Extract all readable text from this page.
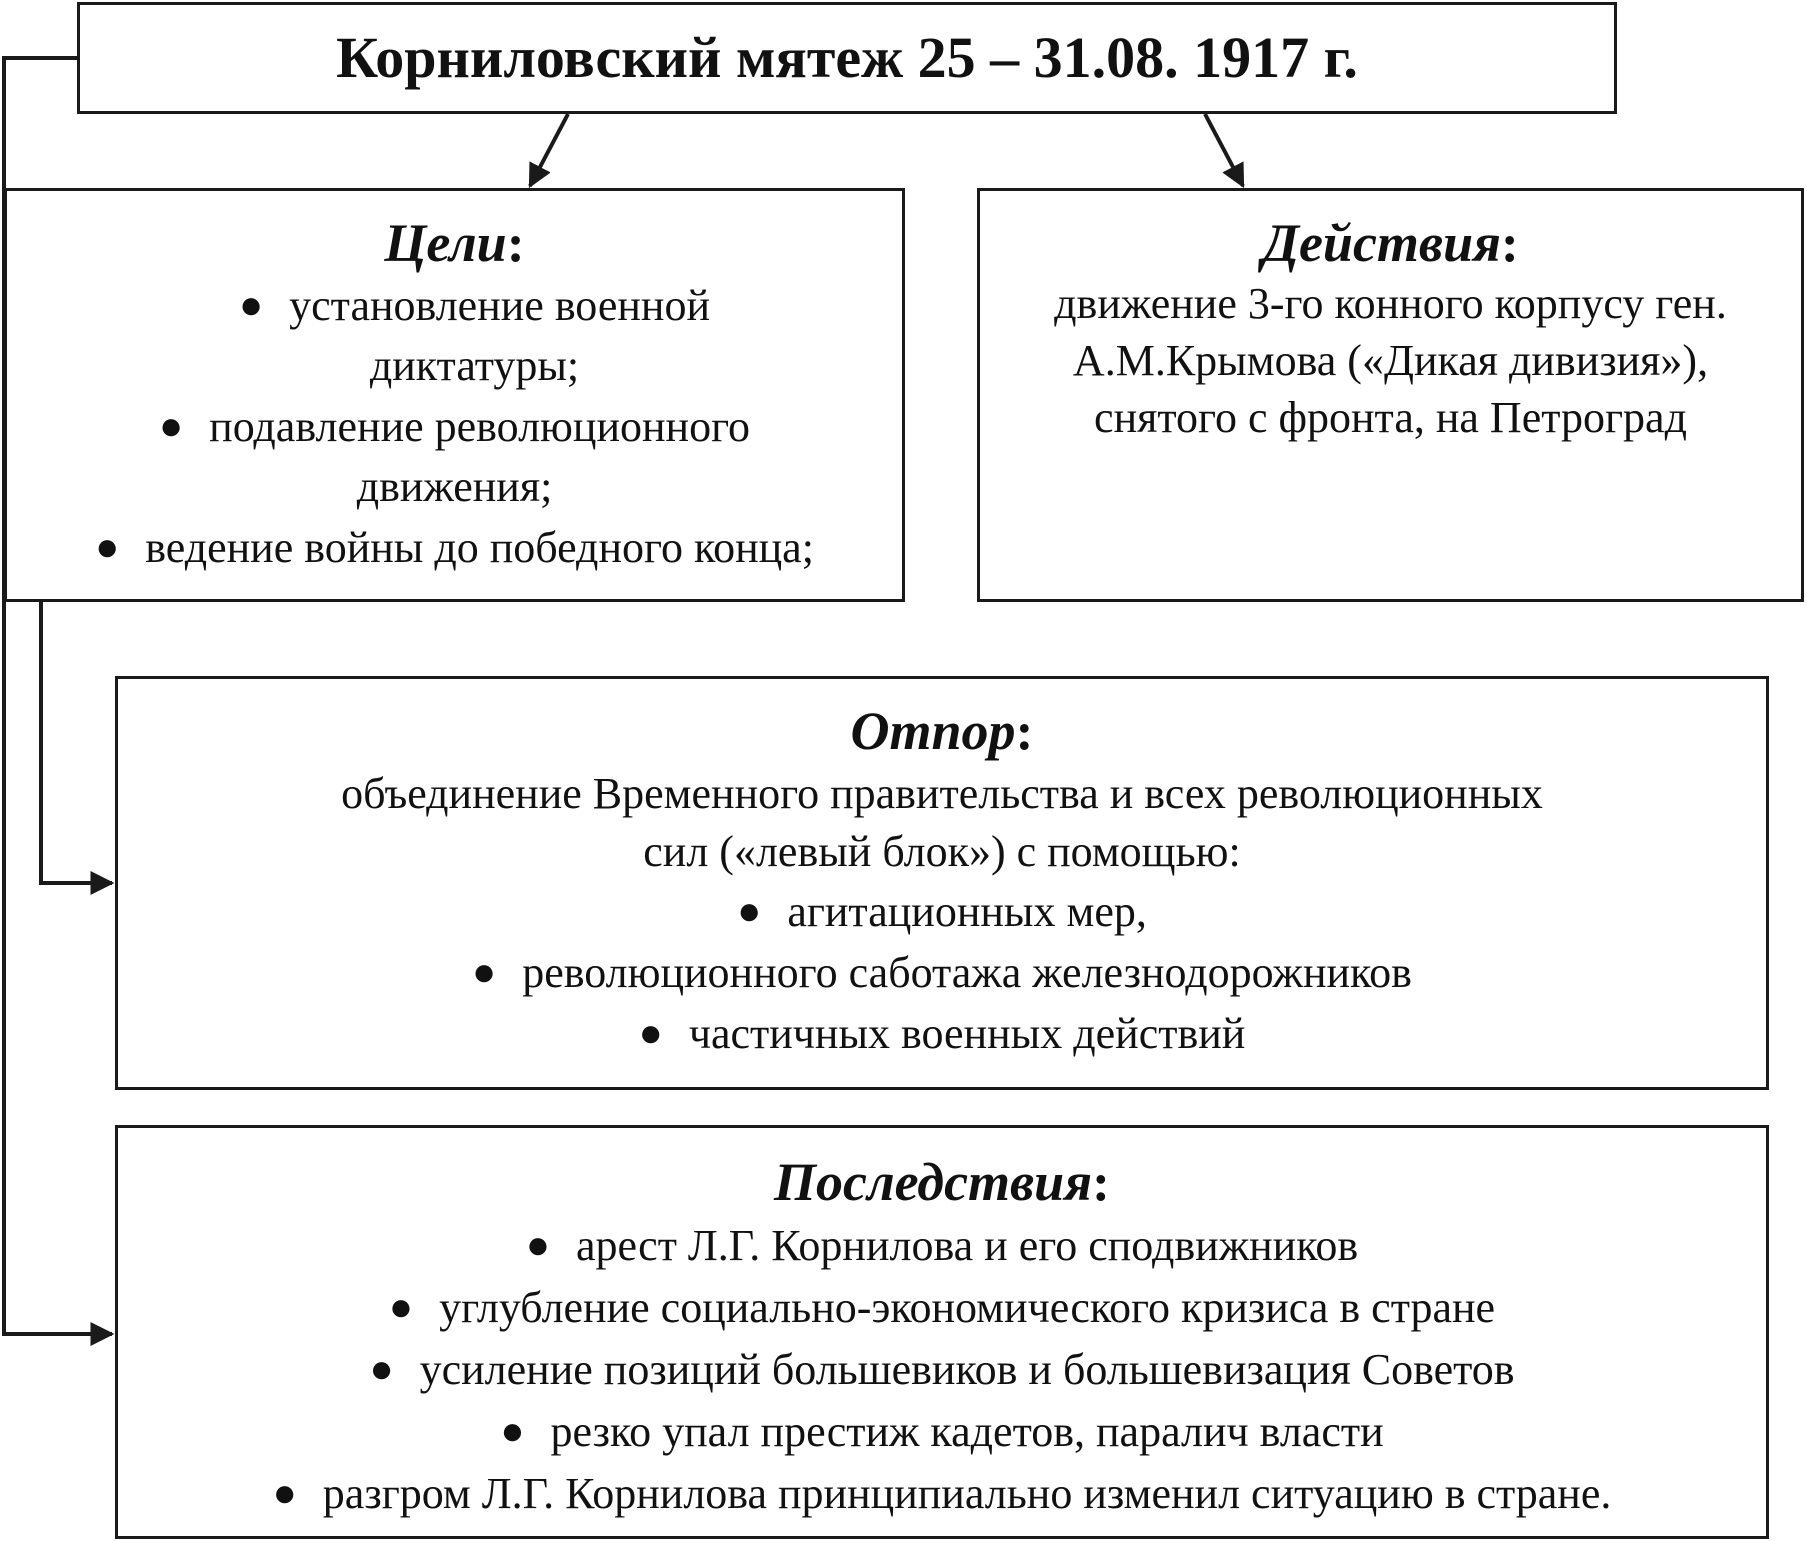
Корниловский мятеж 25 – 31.08. 1917 г.
Цели:
● установление военной диктатуры;
● подавление революционного движения;
● ведение войны до победного конца;
Действия:
движение 3-го конного корпусу ген. А.М.Крымова («Дикая дивизия»), снятого с фронта, на Петроград
Отпор:
объединение Временного правительства и всех революционных сил («левый блок») с помощью:
● агитационных мер,
● революционного саботажа железнодорожников
● частичных военных действий
Последствия:
● арест Л.Г. Корнилова и его сподвижников
● углубление социально-экономического кризиса в стране
● усиление позиций большевиков и большевизация Советов
● резко упал престиж кадетов, паралич власти
● разгром Л.Г. Корнилова принципиально изменил ситуацию в стране.
